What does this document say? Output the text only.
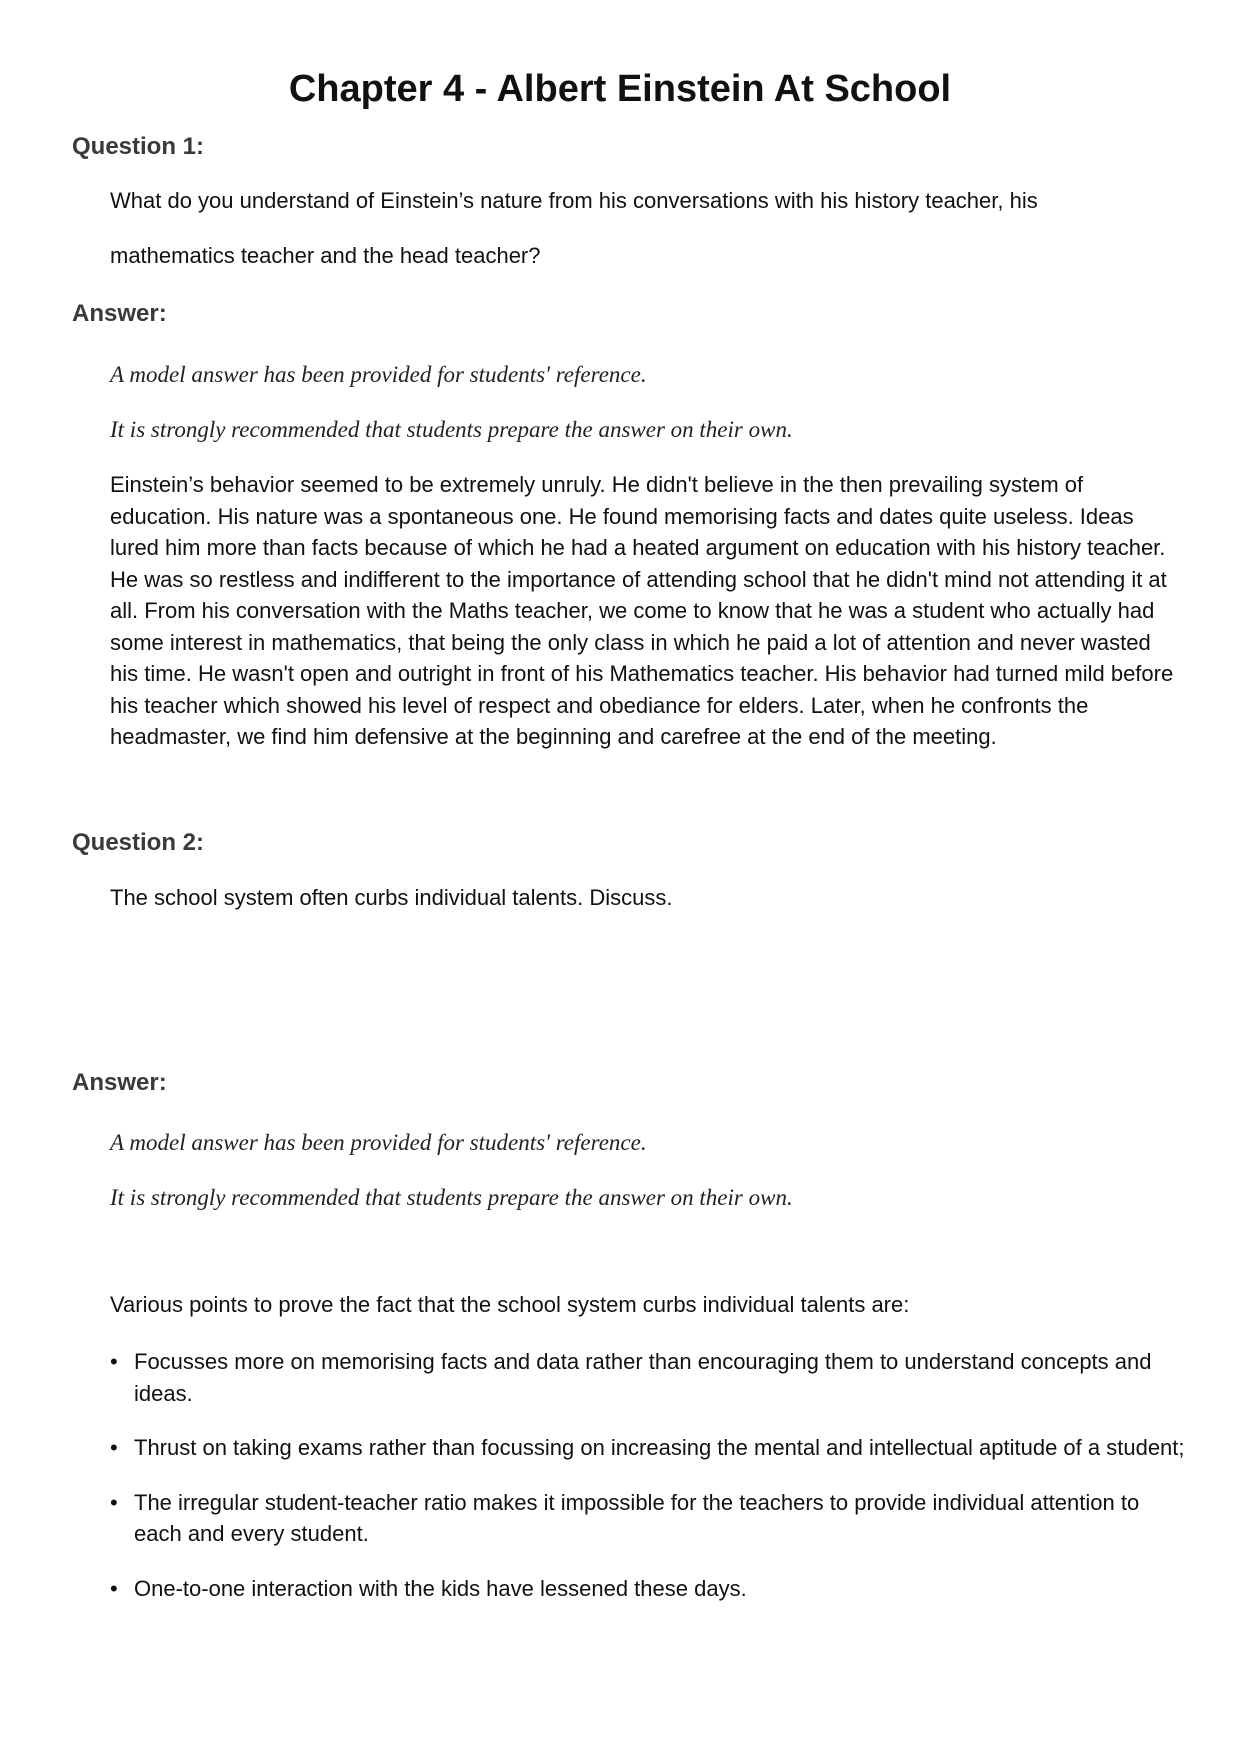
Chapter 4 - Albert Einstein At School
Question 1:

What do you understand of Einstein’s nature from his conversations with his history teacher, his
mathematics teacher and the head teacher?

Answer:

A model answer has been provided for students' reference.

It is strongly recommended that students prepare the answer on their own.

Einstein’s behavior seemed to be extremely unruly. He didn't believe in the then prevailing system of education. His nature was a spontaneous one. He found memorising facts and dates quite useless. Ideas lured him more than facts because of which he had a heated argument on education with his history teacher. He was so restless and indifferent to the importance of attending school that he didn't mind not attending it at all. From his conversation with the Maths teacher, we come to know that he was a student who actually had some interest in mathematics, that being the only class in which he paid a lot of attention and never wasted his time. He wasn't open and outright in front of his Mathematics teacher. His behavior had turned mild before his teacher which showed his level of respect and obediance for elders. Later, when he confronts the headmaster, we find him defensive at the beginning and carefree at the end of the meeting.

Question 2:

The school system often curbs individual talents. Discuss.

Answer:

A model answer has been provided for students' reference.

It is strongly recommended that students prepare the answer on their own.

Various points to prove the fact that the school system curbs individual talents are:

• Focusses more on memorising facts and data rather than encouraging them to understand concepts and ideas.
• Thrust on taking exams rather than focussing on increasing the mental and intellectual aptitude of a student;
• The irregular student-teacher ratio makes it impossible for the teachers to provide individual attention to each and every student.
• One-to-one interaction with the kids have lessened these days.
